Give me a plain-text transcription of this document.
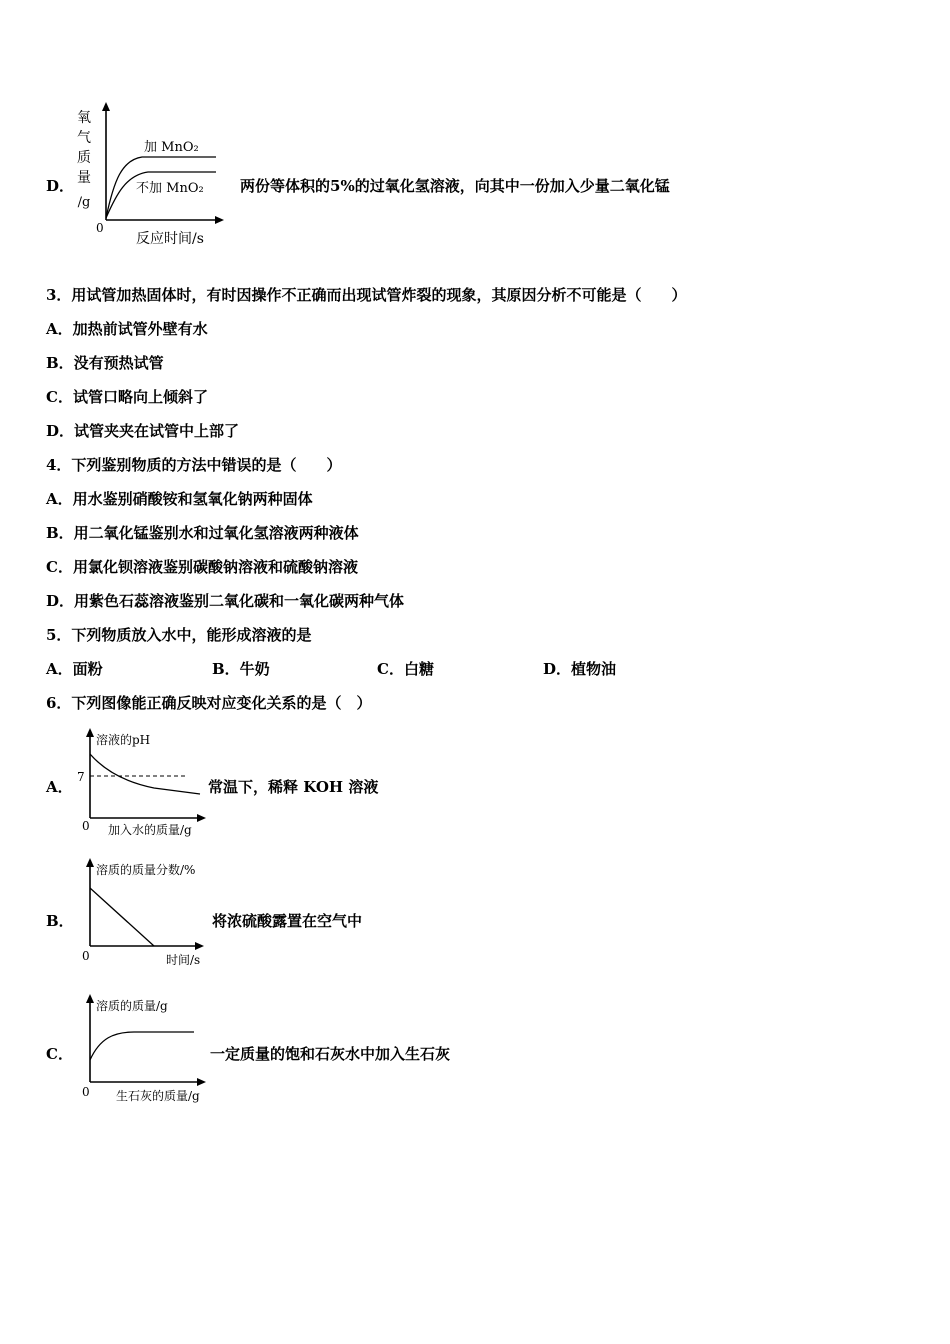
D．
氧
气
质
量
/g
加 MnO₂
不加 MnO₂
0
反应时间/s
两份等体积的5%的过氧化氢溶液，向其中一份加入少量二氧化锰
3．用试管加热固体时，有时因操作不正确而出现试管炸裂的现象，其原因分析不可能是（　　）
A．加热前试管外壁有水
B．没有预热试管
C．试管口略向上倾斜了
D．试管夹夹在试管中上部了
4．下列鉴别物质的方法中错误的是（　　）
A．用水鉴别硝酸铵和氢氧化钠两种固体
B．用二氧化锰鉴别水和过氧化氢溶液两种液体
C．用氯化钡溶液鉴别碳酸钠溶液和硫酸钠溶液
D．用紫色石蕊溶液鉴别二氧化碳和一氧化碳两种气体
5．下列物质放入水中，能形成溶液的是
A．面粉	B．牛奶	C．白糖	D．植物油
6．下列图像能正确反映对应变化关系的是（　）
A．
溶液的pH
7
0 加入水的质量/g
常温下，稀释 KOH 溶液
B．
溶质的质量分数/%
0	时间/s
将浓硫酸露置在空气中
C．
溶质的质量/g
0 生石灰的质量/g
一定质量的饱和石灰水中加入生石灰
